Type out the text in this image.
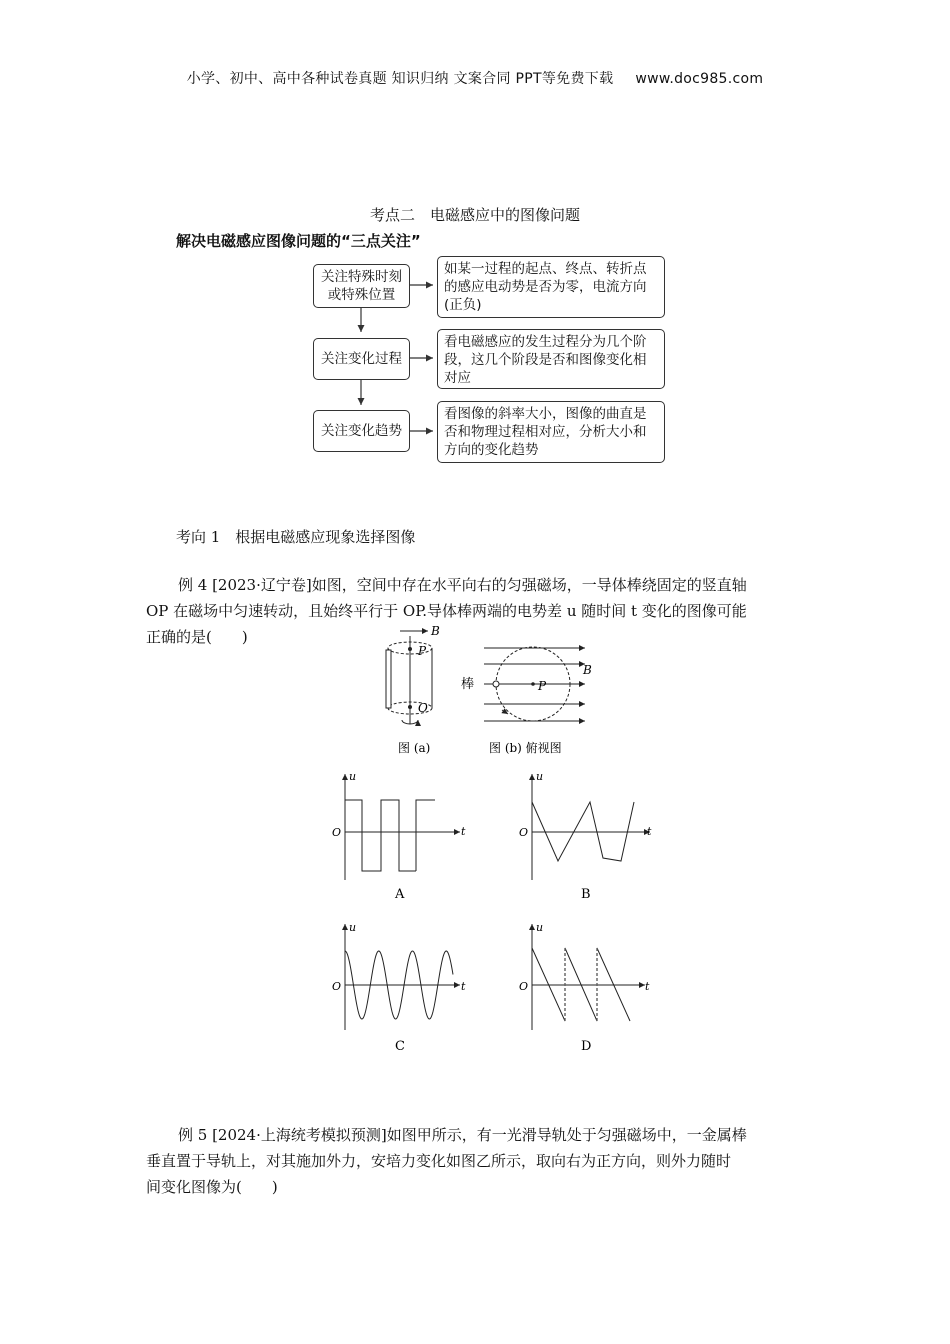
小学、初中、高中各种试卷真题 知识归纳 文案合同 PPT等免费下载 www.doc985.com
考点二　电磁感应中的图像问题
解决电磁感应图像问题的“三点关注”
关注特殊时刻或特殊位置
如某一过程的起点、终点、转折点的感应电动势是否为零，电流方向(正负)
关注变化过程
看电磁感应的发生过程分为几个阶段，这几个阶段是否和图像变化相对应
关注变化趋势
看图像的斜率大小，图像的曲直是否和物理过程相对应，分析大小和方向的变化趋势
考向 1　根据电磁感应现象选择图像
例 4 [2023·辽宁卷]如图，空间中存在水平向右的匀强磁场，一导体棒绕固定的竖直轴
OP 在磁场中匀速转动，且始终平行于 OP.导体棒两端的电势差 u 随时间 t 变化的图像可能
正确的是(　　)
P
O
B
棒	P
B
图 (a)	图 (b) 俯视图
u
t
O
A
u
t
O
B
u
t
O
C
u
t
O
D
例 5 [2024·上海统考模拟预测]如图甲所示，有一光滑导轨处于匀强磁场中，一金属棒
垂直置于导轨上，对其施加外力，安培力变化如图乙所示，取向右为正方向，则外力随时
间变化图像为(　　)
